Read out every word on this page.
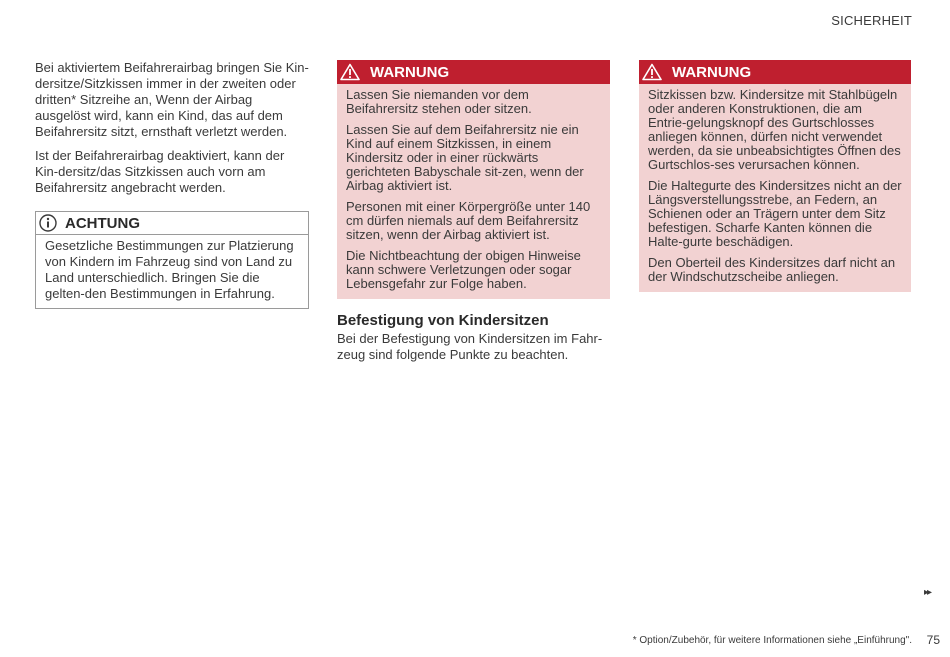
SICHERHEIT

Bei aktiviertem Beifahrerairbag bringen Sie Kin-dersitze/Sitzkissen immer in der zweiten oder dritten* Sitzreihe an, Wenn der Airbag ausgelöst wird, kann ein Kind, das auf dem Beifahrersitz sitzt, ernsthaft verletzt werden.

Ist der Beifahrerairbag deaktiviert, kann der Kin-dersitz/das Sitzkissen auch vorn am Beifahrersitz angebracht werden.

ACHTUNG

Gesetzliche Bestimmungen zur Platzierung von Kindern im Fahrzeug sind von Land zu Land unterschiedlich. Bringen Sie die gelten-den Bestimmungen in Erfahrung.

WARNUNG

Lassen Sie niemanden vor dem Beifahrersitz stehen oder sitzen.

Lassen Sie auf dem Beifahrersitz nie ein Kind auf einem Sitzkissen, in einem Kindersitz oder in einer rückwärts gerichteten Babyschale sit-zen, wenn der Airbag aktiviert ist.

Personen mit einer Körpergröße unter 140 cm dürfen niemals auf dem Beifahrersitz sitzen, wenn der Airbag aktiviert ist.

Die Nichtbeachtung der obigen Hinweise kann schwere Verletzungen oder sogar Lebensgefahr zur Folge haben.

Befestigung von Kindersitzen

Bei der Befestigung von Kindersitzen im Fahr-zeug sind folgende Punkte zu beachten.

WARNUNG

Sitzkissen bzw. Kindersitze mit Stahlbügeln oder anderen Konstruktionen, die am Entrie-gelungsknopf des Gurtschlosses anliegen können, dürfen nicht verwendet werden, da sie unbeabsichtigtes Öffnen des Gurtschlos-ses verursachen können.

Die Haltegurte des Kindersitzes nicht an der Längsverstellungsstrebe, an Federn, an Schienen oder an Trägern unter dem Sitz befestigen. Scharfe Kanten können die Halte-gurte beschädigen.

Den Oberteil des Kindersitzes darf nicht an der Windschutzscheibe anliegen.

▸▸
* Option/Zubehör, für weitere Informationen siehe „Einführung". 75
